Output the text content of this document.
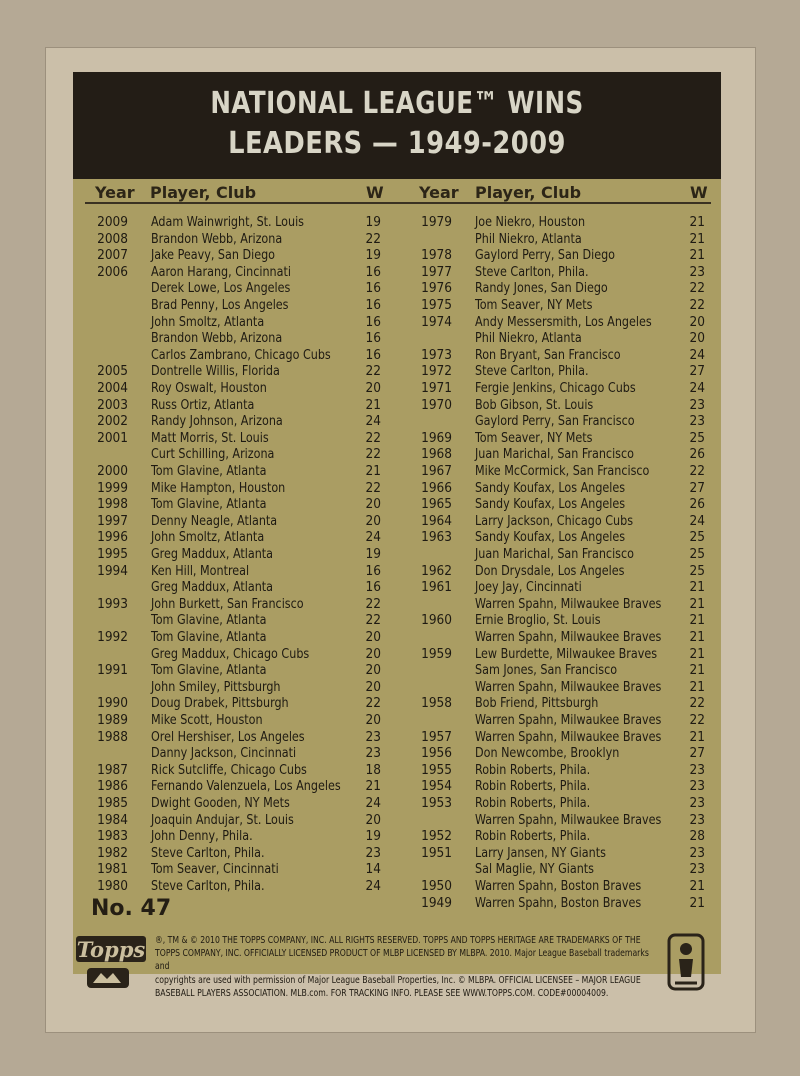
NATIONAL LEAGUE™ WINS
LEADERS — 1949-2009
Year Player, Club	W Year Player, Club	W
2009 Adam Wainwright, St. Louis	19
2008 Brandon Webb, Arizona	22
2007 Jake Peavy, San Diego	19
2006 Aaron Harang, Cincinnati	16
Derek Lowe, Los Angeles	16
Brad Penny, Los Angeles	16
John Smoltz, Atlanta	16
Brandon Webb, Arizona	16
Carlos Zambrano, Chicago Cubs	16
2005 Dontrelle Willis, Florida	22
2004 Roy Oswalt, Houston	20
2003 Russ Ortiz, Atlanta	21
2002 Randy Johnson, Arizona	24
2001 Matt Morris, St. Louis	22
Curt Schilling, Arizona	22
2000 Tom Glavine, Atlanta	21
1999 Mike Hampton, Houston	22
1998 Tom Glavine, Atlanta	20
1997 Denny Neagle, Atlanta	20
1996 John Smoltz, Atlanta	24
1995 Greg Maddux, Atlanta	19
1994 Ken Hill, Montreal	16
Greg Maddux, Atlanta	16
1993 John Burkett, San Francisco	22
Tom Glavine, Atlanta	22
1992 Tom Glavine, Atlanta	20
Greg Maddux, Chicago Cubs	20
1991 Tom Glavine, Atlanta	20
John Smiley, Pittsburgh	20
1990 Doug Drabek, Pittsburgh	22
1989 Mike Scott, Houston	20
1988 Orel Hershiser, Los Angeles	23
Danny Jackson, Cincinnati	23
1987 Rick Sutcliffe, Chicago Cubs	18
1986 Fernando Valenzuela, Los Angeles	21
1985 Dwight Gooden, NY Mets	24
1984 Joaquin Andujar, St. Louis	20
1983 John Denny, Phila.	19
1982 Steve Carlton, Phila.	23
1981 Tom Seaver, Cincinnati	14
1980 Steve Carlton, Phila.	24
1979 Joe Niekro, Houston	21
Phil Niekro, Atlanta	21
1978 Gaylord Perry, San Diego	21
1977 Steve Carlton, Phila.	23
1976 Randy Jones, San Diego	22
1975 Tom Seaver, NY Mets	22
1974 Andy Messersmith, Los Angeles	20
Phil Niekro, Atlanta	20
1973 Ron Bryant, San Francisco	24
1972 Steve Carlton, Phila.	27
1971 Fergie Jenkins, Chicago Cubs	24
1970 Bob Gibson, St. Louis	23
Gaylord Perry, San Francisco	23
1969 Tom Seaver, NY Mets	25
1968 Juan Marichal, San Francisco	26
1967 Mike McCormick, San Francisco	22
1966 Sandy Koufax, Los Angeles	27
1965 Sandy Koufax, Los Angeles	26
1964 Larry Jackson, Chicago Cubs	24
1963 Sandy Koufax, Los Angeles	25
Juan Marichal, San Francisco	25
1962 Don Drysdale, Los Angeles	25
1961 Joey Jay, Cincinnati	21
Warren Spahn, Milwaukee Braves	21
1960 Ernie Broglio, St. Louis	21
Warren Spahn, Milwaukee Braves	21
1959 Lew Burdette, Milwaukee Braves	21
Sam Jones, San Francisco	21
Warren Spahn, Milwaukee Braves	21
1958 Bob Friend, Pittsburgh	22
Warren Spahn, Milwaukee Braves	22
1957 Warren Spahn, Milwaukee Braves	21
1956 Don Newcombe, Brooklyn	27
1955 Robin Roberts, Phila.	23
1954 Robin Roberts, Phila.	23
1953 Robin Roberts, Phila.	23
Warren Spahn, Milwaukee Braves	23
1952 Robin Roberts, Phila.	28
1951 Larry Jansen, NY Giants	23
Sal Maglie, NY Giants	23
1950 Warren Spahn, Boston Braves	21
1949 Warren Spahn, Boston Braves	21
No. 47
Topps ®, TM & © 2010 THE TOPPS COMPANY, INC. ALL RIGHTS RESERVED. TOPPS AND TOPPS HERITAGE ARE TRADEMARKS OF THE
TOPPS COMPANY, INC. OFFICIALLY LICENSED PRODUCT OF MLBP LICENSED BY MLBPA. 2010. Major League Baseball trademarks and
copyrights are used with permission of Major League Baseball Properties, Inc. © MLBPA. OFFICIAL LICENSEE – MAJOR LEAGUE
BASEBALL PLAYERS ASSOCIATION. MLB.com. FOR TRACKING INFO. PLEASE SEE WWW.TOPPS.COM. CODE#00004009.
